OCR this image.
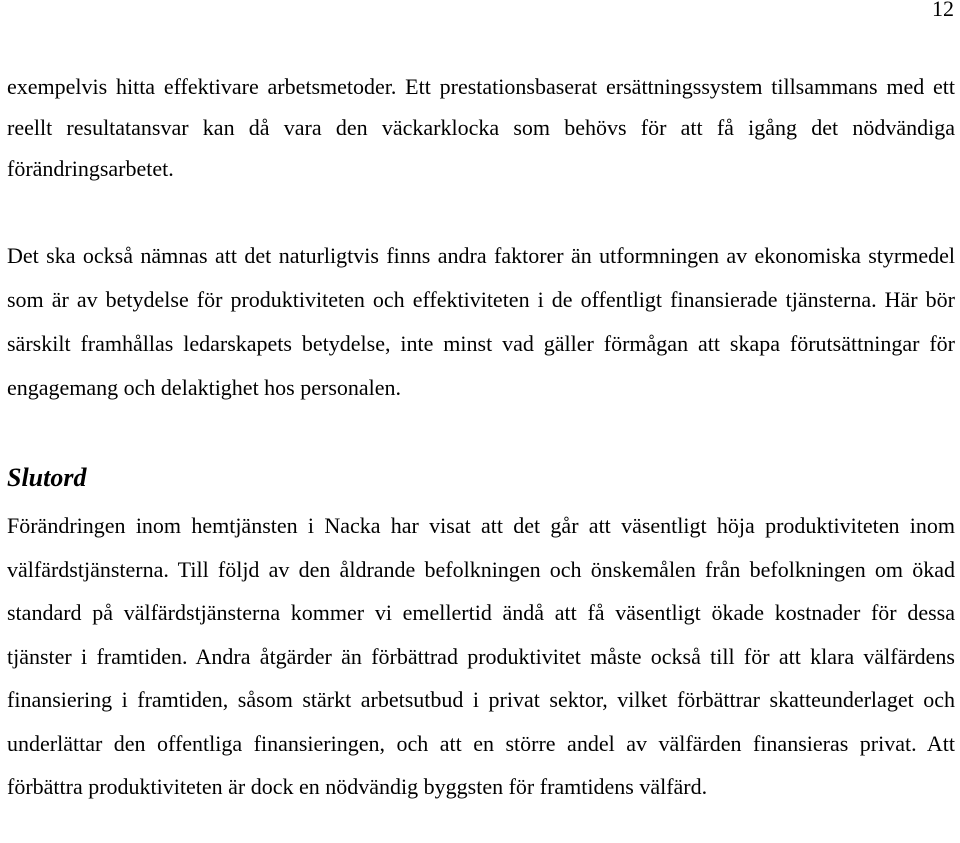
12

exempelvis hitta effektivare arbetsmetoder. Ett prestationsbaserat ersättningssystem tillsammans med ett reellt resultatansvar kan då vara den väckarklocka som behövs för att få igång det nödvändiga förändringsarbetet.

Det ska också nämnas att det naturligtvis finns andra faktorer än utformningen av ekonomiska styrmedel som är av betydelse för produktiviteten och effektiviteten i de offentligt finansierade tjänsterna. Här bör särskilt framhållas ledarskapets betydelse, inte minst vad gäller förmågan att skapa förutsättningar för engagemang och delaktighet hos personalen.

Slutord

Förändringen inom hemtjänsten i Nacka har visat att det går att väsentligt höja produktiviteten inom välfärdstjänsterna. Till följd av den åldrande befolkningen och önskemålen från befolkningen om ökad standard på välfärdstjänsterna kommer vi emellertid ändå att få väsentligt ökade kostnader för dessa tjänster i framtiden. Andra åtgärder än förbättrad produktivitet måste också till för att klara välfärdens finansiering i framtiden, såsom stärkt arbetsutbud i privat sektor, vilket förbättrar skatteunderlaget och underlättar den offentliga finansieringen, och att en större andel av välfärden finansieras privat. Att förbättra produktiviteten är dock en nödvändig byggsten för framtidens välfärd.
